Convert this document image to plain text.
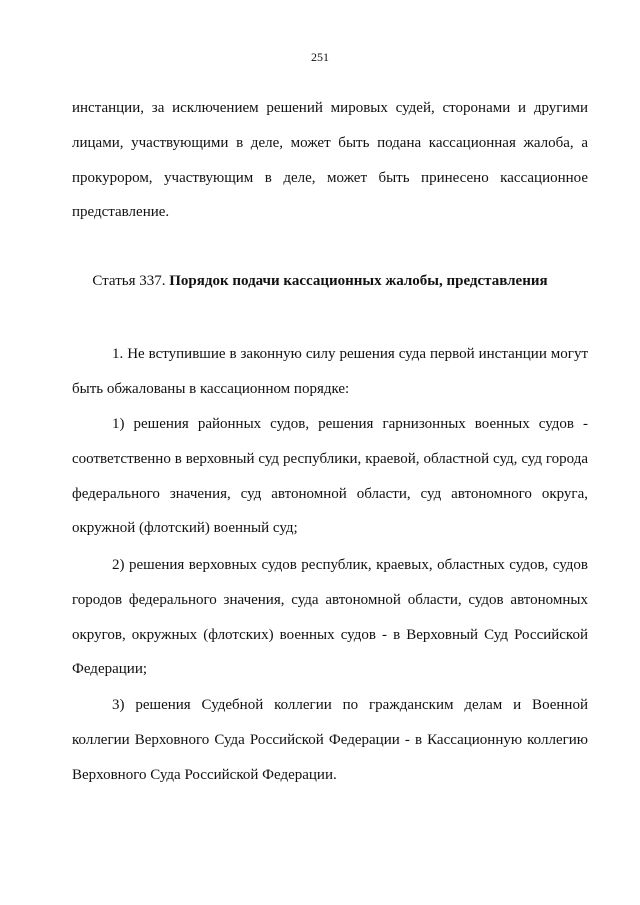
251

инстанции, за исключением решений мировых судей, сторонами и другими лицами, участвующими в деле, может быть подана кассационная жалоба, а прокурором, участвующим в деле, может быть принесено кассационное представление.

Статья 337. Порядок подачи кассационных жалобы, представления

1. Не вступившие в законную силу решения суда первой инстанции могут быть обжалованы в кассационном порядке:

1) решения районных судов, решения гарнизонных военных судов - соответственно в верховный суд республики, краевой, областной суд, суд города федерального значения, суд автономной области, суд автономного округа, окружной (флотский) военный суд;

2) решения верховных судов республик, краевых, областных судов, судов городов федерального значения, суда автономной области, судов автономных округов, окружных (флотских) военных судов - в Верховный Суд Российской Федерации;

3) решения Судебной коллегии по гражданским делам и Военной коллегии Верховного Суда Российской Федерации - в Кассационную коллегию Верховного Суда Российской Федерации.
